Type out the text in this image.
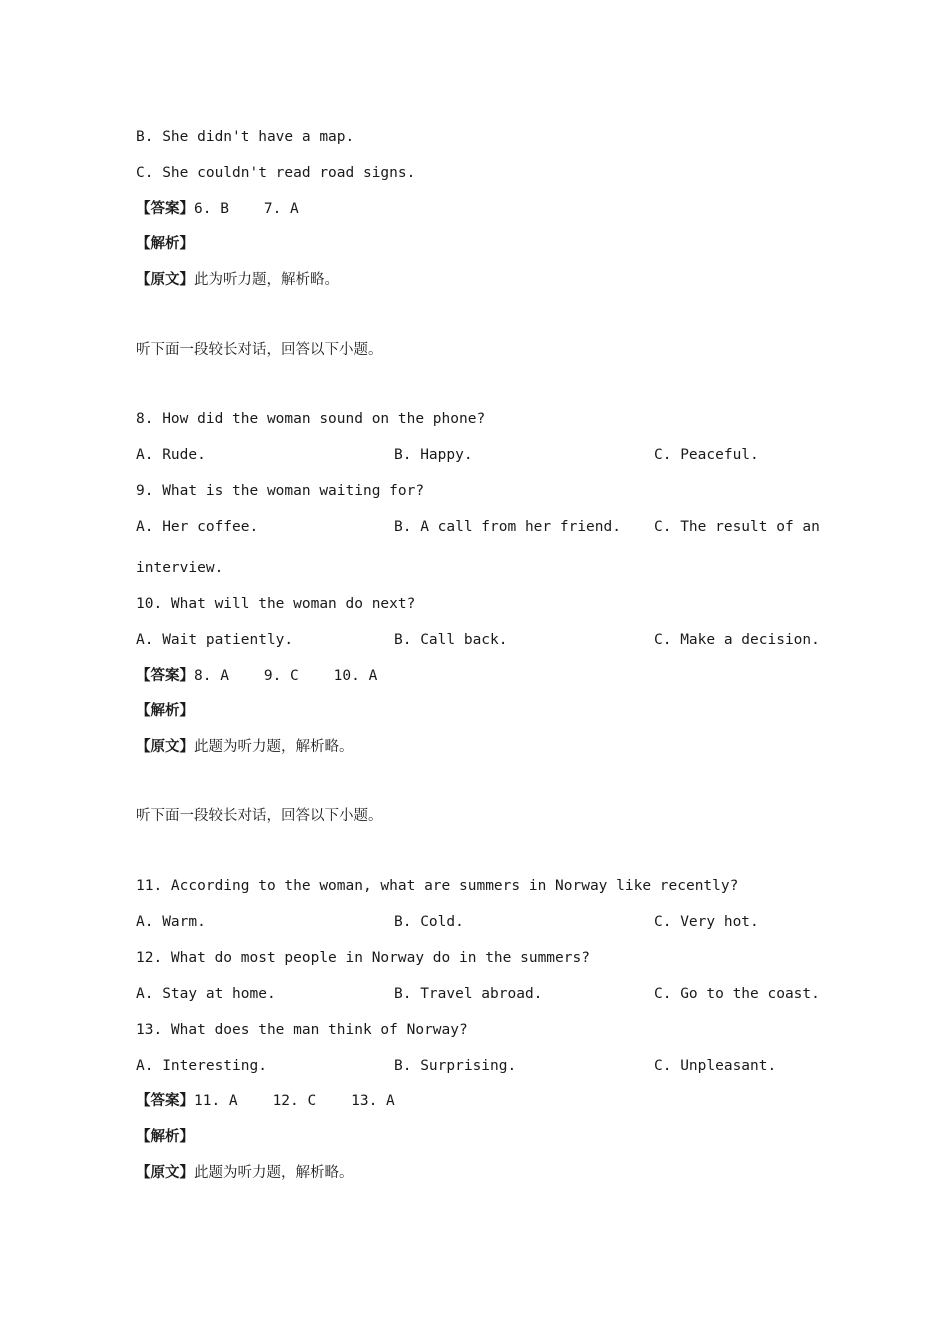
B. She didn't have a map.
C. She couldn't read road signs.
【答案】6. B    7. A
【解析】
【原文】此为听力题，解析略。
听下面一段较长对话，回答以下小题。
8. How did the woman sound on the phone?
A. Rude.	B. Happy.	C. Peaceful.
9. What is the woman waiting for?
A. Her coffee.	B. A call from her friend. C. The result of an
interview.
10. What will the woman do next?
A. Wait patiently.	B. Call back.	C. Make a decision.
【答案】8. A    9. C    10. A
【解析】
【原文】此题为听力题，解析略。
听下面一段较长对话，回答以下小题。
11. According to the woman, what are summers in Norway like recently?
A. Warm.	B. Cold.	C. Very hot.
12. What do most people in Norway do in the summers?
A. Stay at home.	B. Travel abroad.	C. Go to the coast.
13. What does the man think of Norway?
A. Interesting.	B. Surprising.	C. Unpleasant.
【答案】11. A    12. C    13. A
【解析】
【原文】此题为听力题，解析略。
